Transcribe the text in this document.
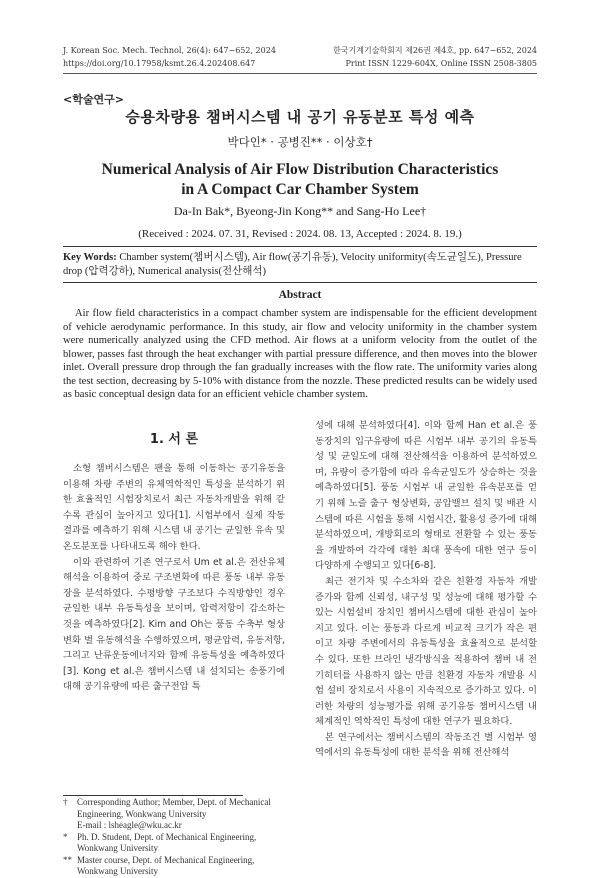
J. Korean Soc. Mech. Technol, 26(4): 647~652, 2024	한국기계기술학회지 제26권 제4호, pp. 647~652, 2024
https://doi.org/10.17958/ksmt.26.4.202408.647	Print ISSN 1229-604X, Online ISSN 2508-3805
<학술연구>
승용차량용 챔버시스템 내 공기 유동분포 특성 예측
박다인* · 공병진** · 이상호†
Numerical Analysis of Air Flow Distribution Characteristics
in A Compact Car Chamber System
Da-In Bak*, Byeong-Jin Kong** and Sang-Ho Lee†
(Received : 2024. 07. 31, Revised : 2024. 08. 13, Accepted : 2024. 8. 19.)
Key Words: Chamber system(챔버시스템), Air flow(공기유동), Velocity uniformity(속도균일도), Pressure drop (압력강하), Numerical analysis(전산해석)
Abstract
Air flow field characteristics in a compact chamber system are indispensable for the efficient development of vehicle aerodynamic performance. In this study, air flow and velocity uniformity in the chamber system were numerically analyzed using the CFD method. Air flows at a uniform velocity from the outlet of the blower, passes fast through the heat exchanger with partial pressure difference, and then moves into the blower inlet. Overall pressure drop through the fan gradually increases with the flow rate. The uniformity varies along the test section, decreasing by 5-10% with distance from the nozzle. These predicted results can be widely used as basic conceptual design data for an efficient vehicle chamber system.
1. 서 론

소형 챔버시스템은 팬을 통해 이동하는 공기유동을 이용해 차량 주변의 유체역학적인 특성을 분석하기 위한 효율적인 시험장치로서 최근 자동차개발을 위해 같수록 관심이 높아지고 있다[1]. 시험부에서 실제 작동결과를 예측하기 위해 시스템 내 공기는 균일한 유속 및 온도분포를 나타내도록 해야 한다.

이와 관련하여 기존 연구로서 Um et al.은 전산유체해석을 이용하여 중로 구조변화에 따른 풍동 내부 유동장을 분석하였다. 수평방향 구조보다 수직방향인 경우 균일한 내부 유동특성을 보이며, 압력저항이 감소하는 것을 예측하였다[2]. Kim and Oh는 풍동 수축부 형상변화 별 유동해석을 수행하였으며, 평균압력, 유동저항, 그리고 난류운동에너지와 함께 유동특성을 예측하였다[3]. Kong et al.은 챔버시스템 내 설치되는 송풍기에 대해 공기유량에 따른 출구전압 특

성에 대해 분석하였다[4]. 이와 함께 Han et al.은 풍동장치의 입구유량에 따른 시험부 내부 공기의 유동특성 및 균일도에 대해 전산해석을 이용하여 분석하였으며, 유량이 증가함에 따라 유속균일도가 상승하는 것을 예측하였다[5]. 풍동 시험부 내 균일한 유속분포를 얻기 위해 노즐 출구 형상변화, 공압밸브 설치 및 배관 시스템에 따른 시험을 통해 시험시간, 활용성 증가에 대해 분석하였으며, 개방회로의 형태로 전환할 수 있는 풍동을 개발하여 각각에 대한 최대 풍속에 대한 연구 등이 다양하게 수행되고 있다[6-8].

최근 전기차 및 수소차와 같은 친환경 자동차 개발 증가와 함께 신뢰성, 내구성 및 성능에 대해 평가할 수 있는 시험설비 장치인 챔버시스템에 대한 관심이 높아지고 있다. 이는 풍동과 다르게 비교적 크기가 작은 편이고 차량 주변에서의 유동특성을 효율적으로 분석할 수 있다. 또한 브라인 냉각방식을 적용하여 챔버 내 전기히터를 사용하지 않는 만큼 친환경 자동차 개발용 시험 설비 장치로서 사용이 지속적으로 증가하고 있다. 이러한 차량의 성능평가를 위해 공기유동 챔버시스템 내 체계적인 역학적인 특성에 대한 연구가 필요하다.

본 연구에서는 챔버시스템의 작동조건 별 시험부 영역에서의 유동특성에 대한 분석을 위해 전산해석

†	Corresponding Author; Member, Dept. of Mechanical Engineering, Wonkwang University
E-mail : lsheagle@wku.ac.kr
*	Ph. D. Student, Dept. of Mechanical Engineering, Wonkwang University
** Master course, Dept. of Mechanical Engineering, Wonkwang University
